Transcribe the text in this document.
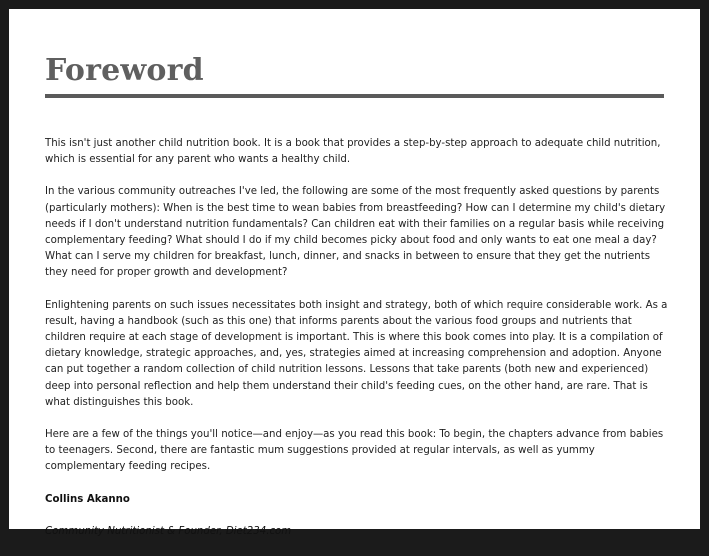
Foreword

This isn't just another child nutrition book. It is a book that provides a step-by-step approach to adequate child nutrition, which is essential for any parent who wants a healthy child.

In the various community outreaches I've led, the following are some of the most frequently asked questions by parents (particularly mothers): When is the best time to wean babies from breastfeeding? How can I determine my child's dietary needs if I don't understand nutrition fundamentals? Can children eat with their families on a regular basis while receiving complementary feeding? What should I do if my child becomes picky about food and only wants to eat one meal a day? What can I serve my children for breakfast, lunch, dinner, and snacks in between to ensure that they get the nutrients they need for proper growth and development?

Enlightening parents on such issues necessitates both insight and strategy, both of which require considerable work. As a result, having a handbook (such as this one) that informs parents about the various food groups and nutrients that children require at each stage of development is important. This is where this book comes into play. It is a compilation of dietary knowledge, strategic approaches, and, yes, strategies aimed at increasing comprehension and adoption. Anyone can put together a random collection of child nutrition lessons. Lessons that take parents (both new and experienced) deep into personal reflection and help them understand their child's feeding cues, on the other hand, are rare. That is what distinguishes this book.

Here are a few of the things you'll notice—and enjoy—as you read this book: To begin, the chapters advance from babies to teenagers. Second, there are fantastic mum suggestions provided at regular intervals, as well as yummy complementary feeding recipes.

Collins Akanno

Community Nutritionist & Founder, Diet234.com
